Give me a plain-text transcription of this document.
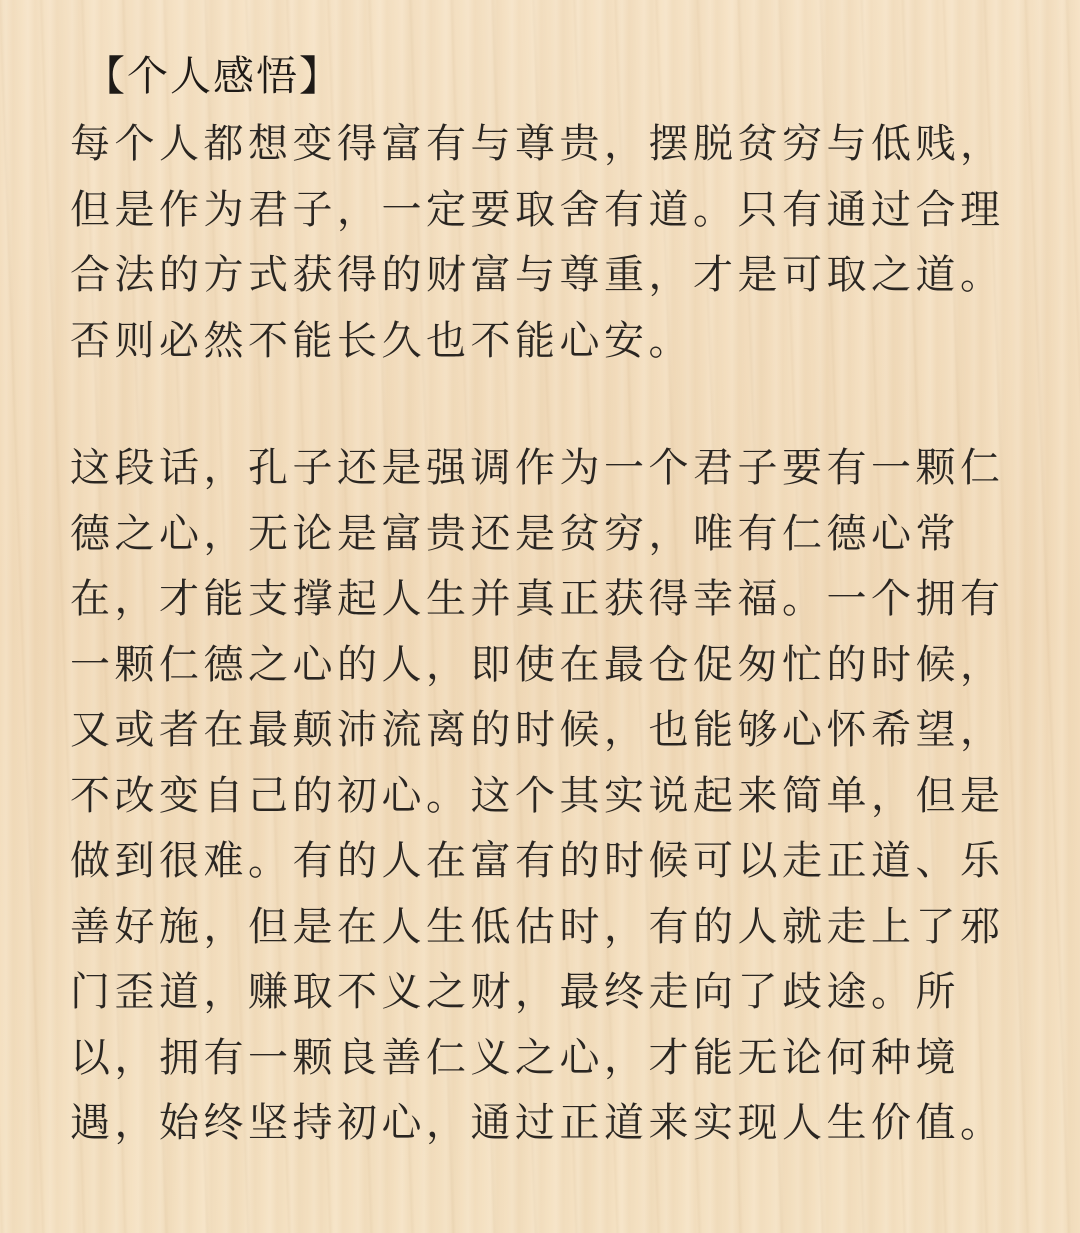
【个人感悟】
每个人都想变得富有与尊贵，摆脱贫穷与低贱，
但是作为君子，一定要取舍有道。只有通过合理
合法的方式获得的财富与尊重，才是可取之道。
否则必然不能长久也不能心安。
这段话，孔子还是强调作为一个君子要有一颗仁
德之心，无论是富贵还是贫穷，唯有仁德心常
在，才能支撑起人生并真正获得幸福。一个拥有
一颗仁德之心的人，即使在最仓促匆忙的时候，
又或者在最颠沛流离的时候，也能够心怀希望，
不改变自己的初心。这个其实说起来简单，但是
做到很难。有的人在富有的时候可以走正道、乐
善好施，但是在人生低估时，有的人就走上了邪
门歪道，赚取不义之财，最终走向了歧途。所
以，拥有一颗良善仁义之心，才能无论何种境
遇，始终坚持初心，通过正道来实现人生价值。
